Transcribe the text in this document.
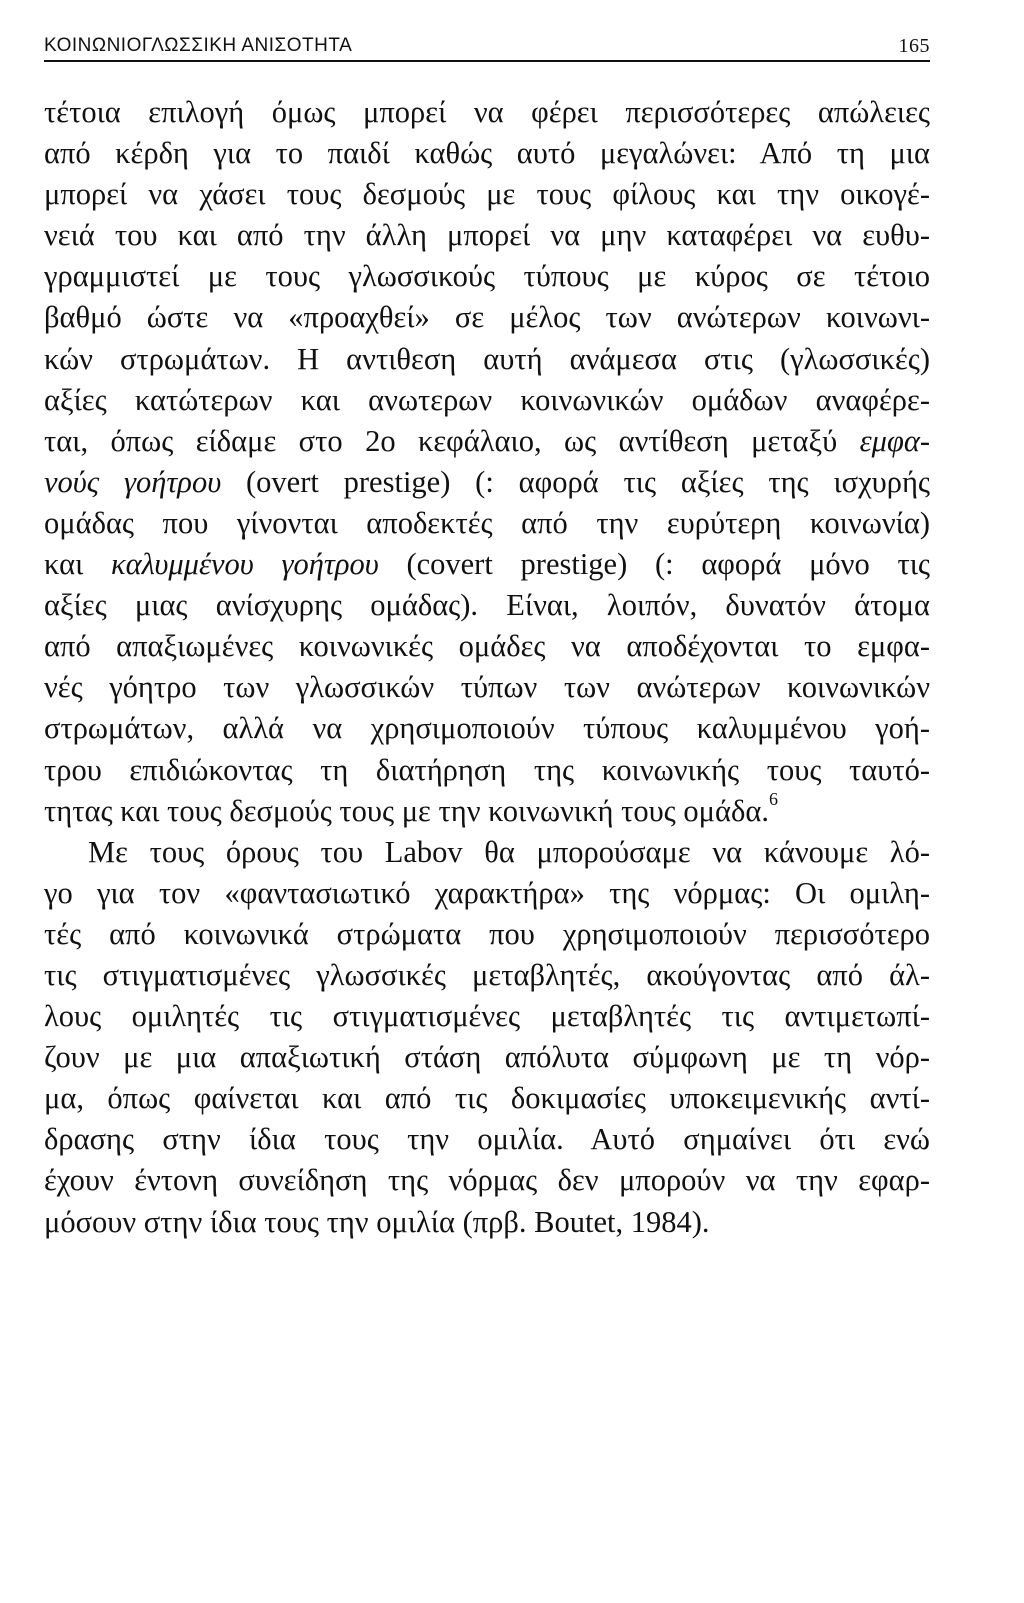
ΚΟΙΝΩΝΙΟΓΛΩΣΣΙΚΗ ΑΝΙΣΟΤΗΤΑ	165
τέτοια επιλογή όμως μπορεί να φέρει περισσότερες απώλειες
από κέρδη για το παιδί καθώς αυτό μεγαλώνει: Από τη μια
μπορεί να χάσει τους δεσμούς με τους φίλους και την οικογέ-
νειά του και από την άλλη μπορεί να μην καταφέρει να ευθυ-
γραμμιστεί με τους γλωσσικούς τύπους με κύρος σε τέτοιο
βαθμό ώστε να «προαχθεί» σε μέλος των ανώτερων κοινωνι-
κών στρωμάτων. Η αντιθεση αυτή ανάμεσα στις (γλωσσικές)
αξίες κατώτερων και ανωτερων κοινωνικών ομάδων αναφέρε-
ται, όπως είδαμε στο 2ο κεφάλαιο, ως αντίθεση μεταξύ εμφα-
νούς γοήτρου (overt prestige) (: αφορά τις αξίες της ισχυρής
ομάδας που γίνονται αποδεκτές από την ευρύτερη κοινωνία)
και καλυμμένου γοήτρου (covert prestige) (: αφορά μόνο τις
αξίες μιας ανίσχυρης ομάδας). Είναι, λοιπόν, δυνατόν άτομα
από απαξιωμένες κοινωνικές ομάδες να αποδέχονται το εμφα-
νές γόητρο των γλωσσικών τύπων των ανώτερων κοινωνικών
στρωμάτων, αλλά να χρησιμοποιούν τύπους καλυμμένου γοή-
τρου επιδιώκοντας τη διατήρηση της κοινωνικής τους ταυτό-
τητας και τους δεσμούς τους με την κοινωνική τους ομάδα.$^6$
Με τους όρους του Labov θα μπορούσαμε να κάνουμε λό-
γο για τον «φαντασιωτικό χαρακτήρα» της νόρμας: Οι ομιλη-
τές από κοινωνικά στρώματα που χρησιμοποιούν περισσότερο
τις στιγματισμένες γλωσσικές μεταβλητές, ακούγοντας από άλ-
λους ομιλητές τις στιγματισμένες μεταβλητές τις αντιμετωπί-
ζουν με μια απαξιωτική στάση απόλυτα σύμφωνη με τη νόρ-
μα, όπως φαίνεται και από τις δοκιμασίες υποκειμενικής αντί-
δρασης στην ίδια τους την ομιλία. Αυτό σημαίνει ότι ενώ
έχουν έντονη συνείδηση της νόρμας δεν μπορούν να την εφαρ-
μόσουν στην ίδια τους την ομιλία (πρβ. Boutet, 1984).
